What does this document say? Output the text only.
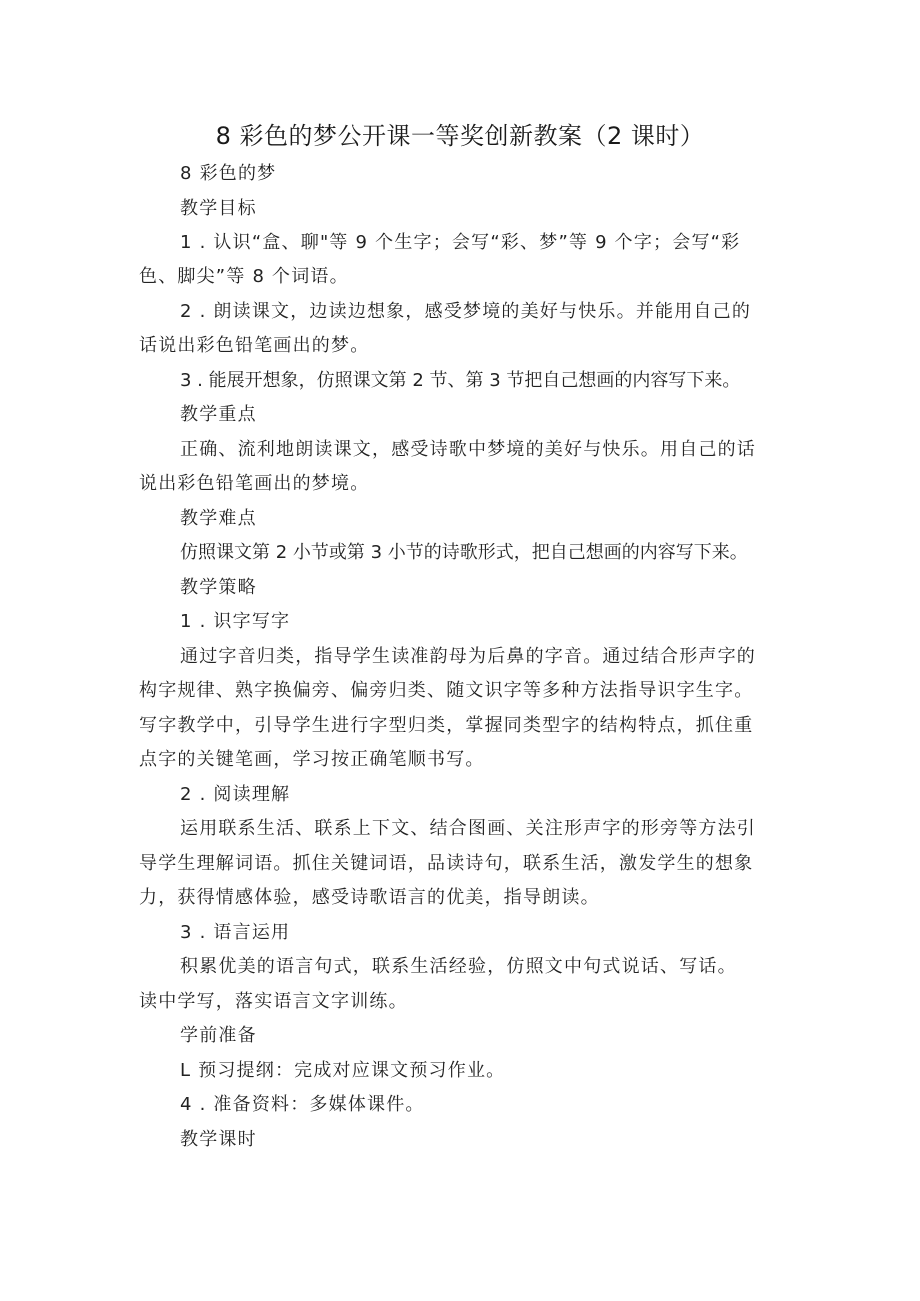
8 彩色的梦公开课一等奖创新教案（2 课时）

8 彩色的梦

教学目标

1 . 认识“盒、聊"等 9 个生字；会写“彩、梦”等 9 个字；会写“彩

色、脚尖”等 8 个词语。

2 . 朗读课文，边读边想象，感受梦境的美好与快乐。并能用自己的

话说出彩色铅笔画出的梦。

3 . 能展开想象，仿照课文第 2 节、第 3 节把自己想画的内容写下来。

教学重点

正确、流利地朗读课文，感受诗歌中梦境的美好与快乐。用自己的话

说出彩色铅笔画出的梦境。

教学难点

仿照课文第 2 小节或第 3 小节的诗歌形式，把自己想画的内容写下来。

教学策略

1 . 识字写字

通过字音归类，指导学生读准韵母为后鼻的字音。通过结合形声字的

构字规律、熟字换偏旁、偏旁归类、随文识字等多种方法指导识字生字。

写字教学中，引导学生进行字型归类，掌握同类型字的结构特点，抓住重

点字的关键笔画，学习按正确笔顺书写。

2 . 阅读理解

运用联系生活、联系上下文、结合图画、关注形声字的形旁等方法引

导学生理解词语。抓住关键词语，品读诗句，联系生活，激发学生的想象

力，获得情感体验，感受诗歌语言的优美，指导朗读。

3 . 语言运用

积累优美的语言句式，联系生活经验，仿照文中句式说话、写话。

读中学写，落实语言文字训练。

学前准备

L 预习提纲：完成对应课文预习作业。

4 . 准备资料：多媒体课件。

教学课时
